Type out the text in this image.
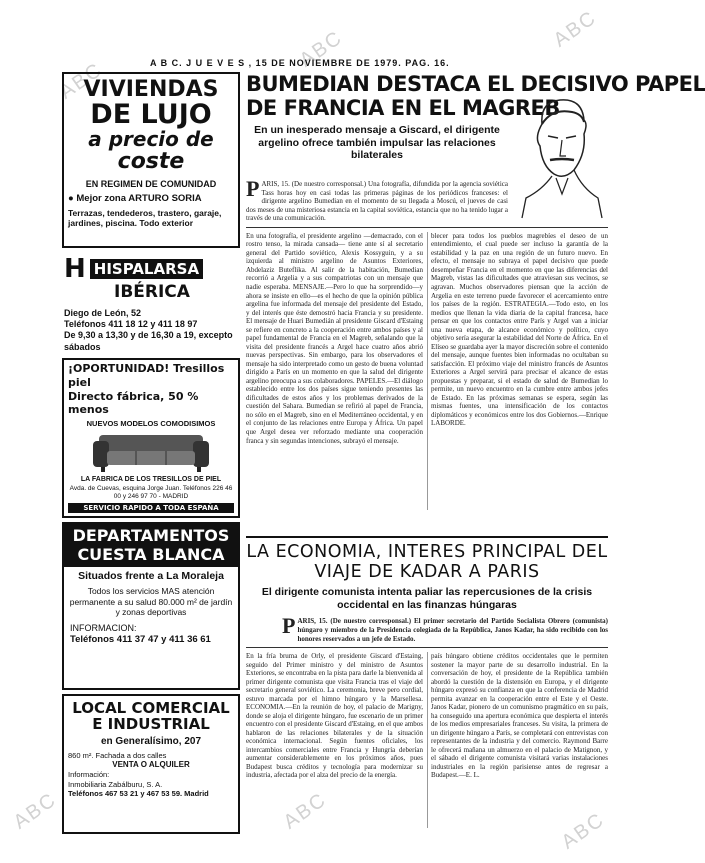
ABC
ABC
ABC
ABC	ABC	ABC
A B C. J U E V E S , 15 DE NOVIEMBRE DE 1979. PAG. 16.
VIVIENDAS
DE LUJO
a precio de
coste
EN REGIMEN DE COMUNIDAD
● Mejor zona ARTURO SORIA
Terrazas, tendederos, trastero, garaje, jardines, piscina. Todo exterior
H HISPALARSA
IBÉRICA
Diego de León, 52
Teléfonos 411 18 12 y 411 18 97
De 9,30 a 13,30 y de 16,30 a 19, excepto sábados
¡OPORTUNIDAD! Tresillos piel
Directo fábrica, 50 % menos
NUEVOS MODELOS COMODISIMOS
LA FABRICA DE LOS TRESILLOS DE PIEL
Avda. de Cuevas, esquina Jorge Juan. Teléfonos 226 46 00 y 246 97 70 - MADRID
SERVICIO RAPIDO A TODA ESPAÑA
DEPARTAMENTOS
CUESTA BLANCA
Situados frente a La Moraleja
Todos los servicios MAS atención permanente a su salud 80.000 m² de jardín y zonas deportivas
INFORMACION:
Teléfonos 411 37 47 y 411 36 61
LOCAL COMERCIAL
E INDUSTRIAL
en Generalísimo, 207
860 m². Fachada a dos calles
VENTA O ALQUILER
Información:
Inmobiliaria Zabálburu, S. A.
Teléfonos 467 53 21 y 467 53 59. Madrid
BUMEDIAN DESTACA EL DECISIVO PAPEL
DE FRANCIA EN EL MAGREB
En un inesperado mensaje a Giscard, el dirigente argelino ofrece también impulsar las relaciones bilaterales
PARIS, 15. (De nuestro corresponsal.) Una fotografía, difundida por la agencia soviética Tass horas hoy en casi todas las primeras páginas de los periódicos franceses: el dirigente argelino Bumedian en el momento de su llegada a Moscú, el jueves de casi dos meses de una misteriosa estancia en la capital soviética, estancia que no ha tenido lugar a través de una comunicación.

En una fotografía, el presidente argelino —demacrado, con el rostro tenso, la mirada cansada— tiene ante sí al secretario general del Partido soviético, Alexis Kossyguin, y a su izquierda al ministro argelino de Asuntos Exteriores, Abdelaziz Buteflika. Al salir de la habitación, Bumedian recorrió a Argelia y a sus compatriotas con un mensaje que nadie esperaba. MENSAJE.—Pero lo que ha sorprendido—y ahora se insiste en ello—es el hecho de que la opinión pública argelina fue informada del mensaje del presidente del Estado, y del interés que éste demostró hacia Francia y su presidente. El mensaje de Huari Bumedián al presidente Giscard d'Estaing se refiere en concreto a la cooperación entre ambos países y al papel fundamental de Francia en el Magreb, señalando que la visita del presidente francés a Argel hace cuatro años abrió nuevas perspectivas. Sin embargo, para los observadores el mensaje ha sido interpretado como un gesto de buena voluntad dirigido a París en un momento en que la salud del dirigente argelino preocupa a sus colaboradores. PAPELES.—El diálogo establecido entre los dos países sigue teniendo presentes las dificultades de estos años y los problemas derivados de la cuestión del Sahara. Bumedian se refirió al papel de Francia, no sólo en el Magreb, sino en el Mediterráneo occidental, y en el conjunto de las relaciones entre Europa y África. Un papel que Argel desea ver reforzado mediante una cooperación franca y sin segundas intenciones, subrayó el mensaje.

blecer para todos los pueblos magrebíes el deseo de un entendimiento, el cual puede ser incluso la garantía de la estabilidad y la paz en una región de un futuro nuevo. En efecto, el mensaje no subraya el papel decisivo que puede desempeñar Francia en el momento en que las diferencias del Magreb, vistas las dificultades que atraviesan sus vecinos, se agravan. Muchos observadores piensan que la acción de Argelia en este terreno puede favorecer el acercamiento entre los países de la región. ESTRATEGIA.—Todo esto, en los medios que llenan la vida diaria de la capital francesa, hace pensar en que los contactos entre París y Argel van a iniciar una nueva etapa, de alcance económico y político, cuyo objetivo sería asegurar la estabilidad del Norte de África. En el Elíseo se guardaba ayer la mayor discreción sobre el contenido del mensaje, aunque fuentes bien informadas no ocultaban su satisfacción. El próximo viaje del ministro francés de Asuntos Exteriores a Argel servirá para precisar el alcance de estas propuestas y preparar, si el estado de salud de Bumedian lo permite, un nuevo encuentro en la cumbre entre ambos jefes de Estado. En las próximas semanas se espera, según las mismas fuentes, una intensificación de los contactos diplomáticos y económicos entre los dos Gobiernos.—Enrique LABORDE.

LA ECONOMIA, INTERES PRINCIPAL DEL
VIAJE DE KADAR A PARIS
El dirigente comunista intenta paliar las repercusiones de la crisis occidental en las finanzas húngaras
PARIS, 15. (De nuestro corresponsal.) El primer secretario del Partido Socialista Obrero (comunista) húngaro y miembro de la Presidencia colegiada de la República, Janos Kadar, ha sido recibido con los honores reservados a un jefe de Estado.

En la fría bruma de Orly, el presidente Giscard d'Estaing, seguido del Primer ministro y del ministro de Asuntos Exteriores, se encontraba en la pista para darle la bienvenida al primer dirigente comunista que visita Francia tras el viaje del secretario general soviético. La ceremonia, breve pero cordial, estuvo marcada por el himno húngaro y la Marsellesa. ECONOMIA.—En la reunión de hoy, el palacio de Marigny, donde se aloja el dirigente húngaro, fue escenario de un primer encuentro con el presidente Giscard d'Estaing, en el que ambos hablaron de las relaciones bilaterales y de la situación económica internacional. Según fuentes oficiales, los intercambios comerciales entre Francia y Hungría deberían aumentar considerablemente en los próximos años, pues Budapest busca créditos y tecnología para modernizar su industria, afectada por el alza del precio de la energía.

país húngaro obtiene créditos occidentales que le permiten sostener la mayor parte de su desarrollo industrial. En la conversación de hoy, el presidente de la República también abordó la cuestión de la distensión en Europa, y el dirigente húngaro expresó su confianza en que la conferencia de Madrid permita avanzar en la cooperación entre el Este y el Oeste. Janos Kadar, pionero de un comunismo pragmático en su país, ha conseguido una apertura económica que despierta el interés de los medios empresariales franceses. Su visita, la primera de un dirigente húngaro a París, se completará con entrevistas con representantes de la industria y del comercio. Raymond Barre le ofrecerá mañana un almuerzo en el palacio de Matignon, y el sábado el dirigente comunista visitará varias instalaciones industriales en la región parisiense antes de regresar a Budapest.—E. L.
